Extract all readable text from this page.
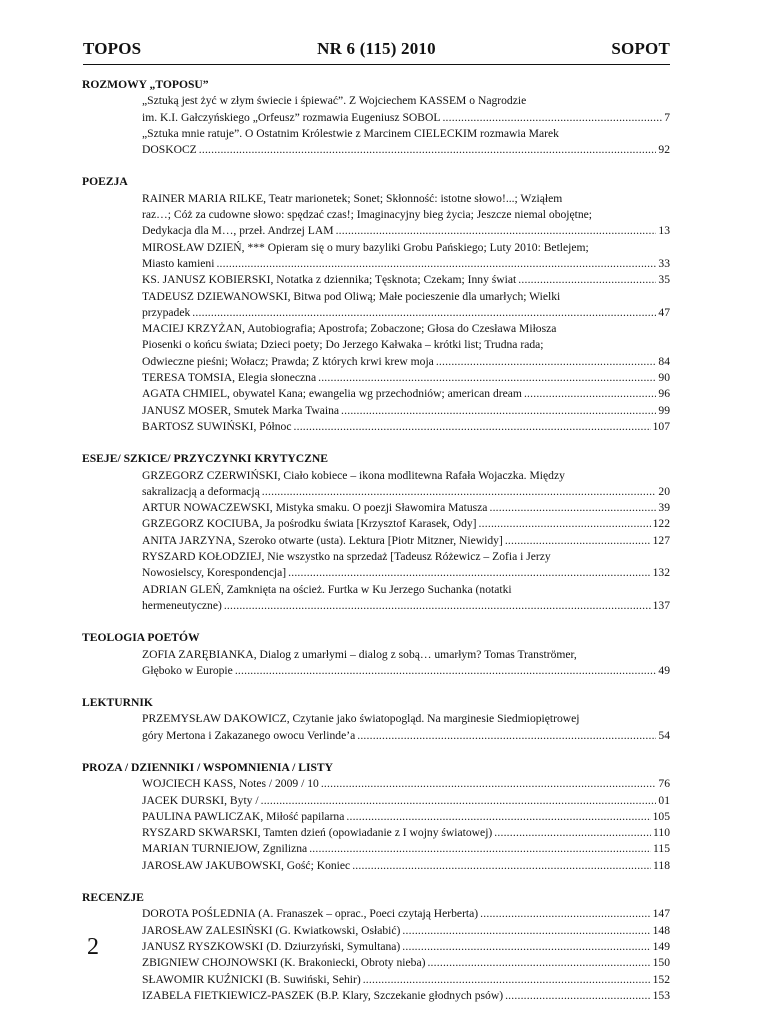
TOPOS	NR 6 (115) 2010	SOPOT
ROZMOWY „TOPOSU”
„Sztuką jest żyć w złym świecie i śpiewać”. Z Wojciechem KASSEM o Nagrodzie
im. K.I. Gałczyńskiego „Orfeusz” rozmawia Eugeniusz SOBOL .....	7
„Sztuka mnie ratuje”. O Ostatnim Królestwie z Marcinem CIELECKIM rozmawia Marek
DOSKOCZ .....	92
POEZJA
RAINER MARIA RILKE, Teatr marionetek; Sonet; Skłonność: istotne słowo!...; Wziąłem
raz…; Cóż za cudowne słowo: spędzać czas!; Imaginacyjny bieg życia; Jeszcze niemal obojętne;
Dedykacja dla M…, przeł. Andrzej LAM .....	13
MIROSŁAW DZIEŃ, *** Opieram się o mury bazyliki Grobu Pańskiego; Luty 2010: Betlejem;
Miasto kamieni .....	33
KS. JANUSZ KOBIERSKI, Notatka z dziennika; Tęsknota; Czekam; Inny świat .....	35
TADEUSZ DZIEWANOWSKI, Bitwa pod Oliwą; Małe pocieszenie dla umarłych; Wielki
przypadek .....	47
MACIEJ KRZYŻAN, Autobiografia; Apostrofa; Zobaczone; Głosa do Czesława Miłosza
Piosenki o końcu świata; Dzieci poety; Do Jerzego Kałwaka – krótki list; Trudna rada;
Odwieczne pieśni; Wołacz; Prawda; Z których krwi krew moja .....	84
TERESA TOMSIA, Elegia słoneczna .....	90
AGATA CHMIEL, obywatel Kana; ewangelia wg przechodniów; american dream .....	96
JANUSZ MOSER, Smutek Marka Twaina .....	99
BARTOSZ SUWIŃSKI, Północ .....	107
ESEJE/ SZKICE/ PRZYCZYNKI KRYTYCZNE
GRZEGORZ CZERWIŃSKI, Ciało kobiece – ikona modlitewna Rafała Wojaczka. Między
sakralizacją a deformacją .....	20
ARTUR NOWACZEWSKI, Mistyka smaku. O poezji Sławomira Matusza .....	39
GRZEGORZ KOCIUBA, Ja pośrodku świata [Krzysztof Karasek, Ody] .....	122
ANITA JARZYNA, Szeroko otwarte (usta). Lektura [Piotr Mitzner, Niewidy] .....	127
RYSZARD KOŁODZIEJ, Nie wszystko na sprzedaż [Tadeusz Różewicz – Zofia i Jerzy
Nowosielscy, Korespondencja] .....	132
ADRIAN GLEŃ, Zamknięta na oścież. Furtka w Ku Jerzego Suchanka (notatki
hermeneutyczne) .....	137
TEOLOGIA POETÓW
ZOFIA ZARĘBIANKA, Dialog z umarłymi – dialog z sobą… umarłym? Tomas Tranströmer,
Głęboko w Europie .....	49
LEKTURNIK
PRZEMYSŁAW DAKOWICZ, Czytanie jako światopogląd. Na marginesie Siedmiopiętrowej
góry Mertona i Zakazanego owocu Verlinde’a .....	54
PROZA / DZIENNIKI / WSPOMNIENIA / LISTY
WOJCIECH KASS, Notes / 2009 / 10 .....	76
JACEK DURSKI, Byty / .....	01
PAULINA PAWLICZAK, Miłość papilarna .....	105
RYSZARD SKWARSKI, Tamten dzień (opowiadanie z I wojny światowej) .....	110
MARIAN TURNIEJOW, Zgnilizna .....	115
JAROSŁAW JAKUBOWSKI, Gość; Koniec .....	118
RECENZJE
DOROTA POŚLEDNIA (A. Franaszek – oprac., Poeci czytają Herberta) .....	147
JAROSŁAW ZALESIŃSKI (G. Kwiatkowski, Osłabić) .....	148
JANUSZ RYSZKOWSKI (D. Dziurzyński, Symultana) .....	149
ZBIGNIEW CHOJNOWSKI (K. Brakoniecki, Obroty nieba) .....	150
SŁAWOMIR KUŹNICKI (B. Suwiński, Sehir) .....	152
IZABELA FIETKIEWICZ-PASZEK (B.P. Klary, Szczekanie głodnych psów) .....	153
2
